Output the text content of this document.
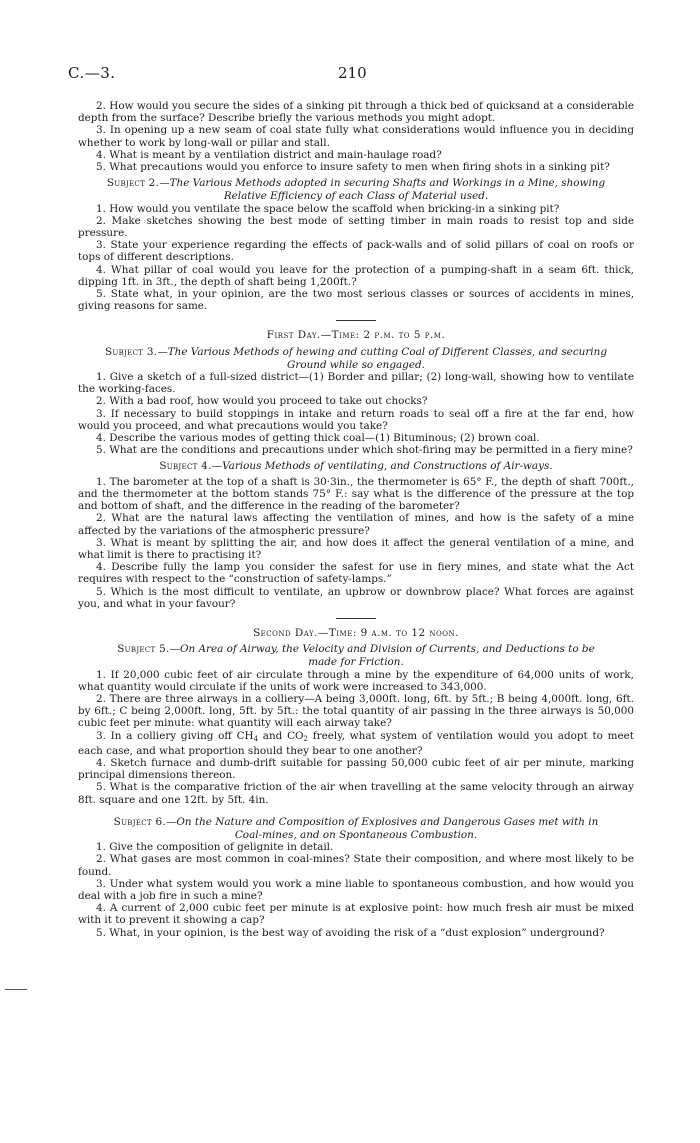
C.—3.	210

2. How would you secure the sides of a sinking pit through a thick bed of quicksand at a considerable depth from the surface? Describe briefly the various methods you might adopt.

3. In opening up a new seam of coal state fully what considerations would influence you in deciding whether to work by long-wall or pillar and stall.

4. What is meant by a ventilation district and main-haulage road?

5. What precautions would you enforce to insure safety to men when firing shots in a sinking pit?

Subject 2.—The Various Methods adopted in securing Shafts and Workings in a Mine, showing
Relative Efficiency of each Class of Material used.

1. How would you ventilate the space below the scaffold when bricking-in a sinking pit?

2. Make sketches showing the best mode of setting timber in main roads to resist top and side pressure.

3. State your experience regarding the effects of pack-walls and of solid pillars of coal on roofs or tops of different descriptions.

4. What pillar of coal would you leave for the protection of a pumping-shaft in a seam 6ft. thick, dipping 1ft. in 3ft., the depth of shaft being 1,200ft.?

5. State what, in your opinion, are the two most serious classes or sources of accidents in mines, giving reasons for same.

First Day.—Time: 2 p.m. to 5 p.m.
Subject 3.—The Various Methods of hewing and cutting Coal of Different Classes, and securing
Ground while so engaged.

1. Give a sketch of a full-sized district—(1) Border and pillar; (2) long-wall, showing how to ventilate the working-faces.

2. With a bad roof, how would you proceed to take out chocks?

3. If necessary to build stoppings in intake and return roads to seal off a fire at the far end, how would you proceed, and what precautions would you take?

4. Describe the various modes of getting thick coal—(1) Bituminous; (2) brown coal.

5. What are the conditions and precautions under which shot-firing may be permitted in a fiery mine?

Subject 4.—Various Methods of ventilating, and Constructions of Air-ways.

1. The barometer at the top of a shaft is 30·3in., the thermometer is 65° F., the depth of shaft 700ft., and the thermometer at the bottom stands 75° F.: say what is the difference of the pressure at the top and bottom of shaft, and the difference in the reading of the barometer?

2. What are the natural laws affecting the ventilation of mines, and how is the safety of a mine affected by the variations of the atmospheric pressure?

3. What is meant by splitting the air, and how does it affect the general ventilation of a mine, and what limit is there to practising it?

4. Describe fully the lamp you consider the safest for use in fiery mines, and state what the Act requires with respect to the “construction of safety-lamps.”

5. Which is the most difficult to ventilate, an upbrow or downbrow place? What forces are against you, and what in your favour?

Second Day.—Time: 9 a.m. to 12 noon.
Subject 5.—On Area of Airway, the Velocity and Division of Currents, and Deductions to be
made for Friction.

1. If 20,000 cubic feet of air circulate through a mine by the expenditure of 64,000 units of work, what quantity would circulate if the units of work were increased to 343,000.

2. There are three airways in a colliery—A being 3,000ft. long, 6ft. by 5ft.; B being 4,000ft. long, 6ft. by 6ft.; C being 2,000ft. long, 5ft. by 5ft.: the total quantity of air passing in the three airways is 50,000 cubic feet per minute: what quantity will each airway take?

3. In a colliery giving off $CH_4$ and $CO_2$ freely, what system of ventilation would you adopt to meet each case, and what proportion should they bear to one another?

4. Sketch furnace and dumb-drift suitable for passing 50,000 cubic feet of air per minute, marking principal dimensions thereon.

5. What is the comparative friction of the air when travelling at the same velocity through an airway 8ft. square and one 12ft. by 5ft. 4in.

Subject 6.—On the Nature and Composition of Explosives and Dangerous Gases met with in
Coal-mines, and on Spontaneous Combustion.

1. Give the composition of gelignite in detail.

2. What gases are most common in coal-mines? State their composition, and where most likely to be found.

3. Under what system would you work a mine liable to spontaneous combustion, and how would you deal with a job fire in such a mine?

4. A current of 2,000 cubic feet per minute is at explosive point: how much fresh air must be mixed with it to prevent it showing a cap?

5. What, in your opinion, is the best way of avoiding the risk of a “dust explosion” underground?
